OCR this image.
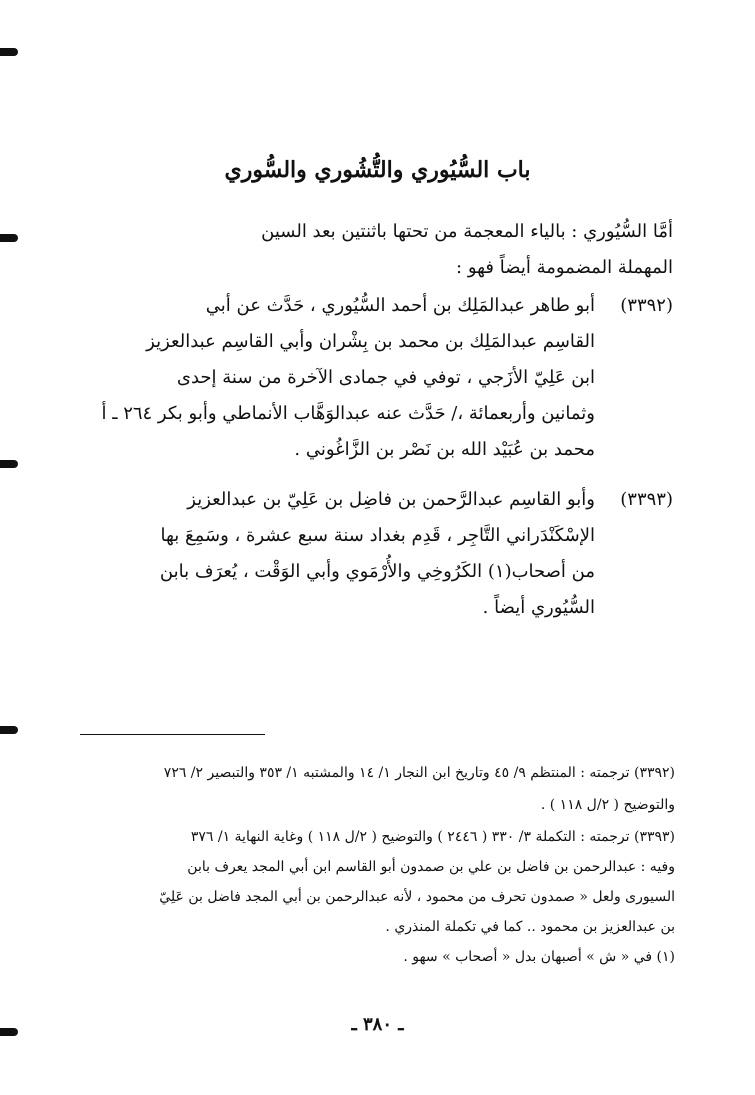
باب السُّيُوري والتُّشُوري والسُّوري
أمَّا السُّيُوري : بالياء المعجمة من تحتها باثنتين بعد السين
المهملة المضمومة أيضاً فهو :
(٣٣٩٢)
أبو طاهر عبدالمَلِك بن أحمد السُّيُوري ، حَدَّث عن أبي
القاسِم عبدالمَلِك بن محمد بن بِشْران وأبي القاسِم عبدالعزيز
ابن عَلِيّ الأزَجي ، توفي في جمادى الآخرة من سنة إحدى
وثمانين وأربعمائة ،/ حَدَّث عنه عبدالوَهَّاب الأنماطي وأبو بكر ٢٦٤ ـ أ
محمد بن عُبَيْد الله بن نَصْر بن الزَّاغُوني .
(٣٣٩٣)
وأبو القاسِم عبدالرَّحمن بن فاضِل بن عَلِيّ بن عبدالعزيز
الإسْكَنْدَراني التَّاجِر ، قَدِم بغداد سنة سبع عشرة ، وسَمِعَ بها
من أصحاب(١) الكَرُوخِي والأُرْمَوي وأبي الوَقْت ، يُعرَف بابن
السُّيُوري أيضاً .
(٣٣٩٢) ترجمته : المنتظم ٩/ ٤٥ وتاريخ ابن النجار ١/ ١٤ والمشتبه ١/ ٣٥٣ والتبصير ٢/ ٧٢٦
والتوضيح ( ٢/ل ١١٨ ) .
(٣٣٩٣) ترجمته : التكملة ٣/ ٣٣٠ ( ٢٤٤٦ ) والتوضيح ( ٢/ل ١١٨ ) وغاية النهاية ١/ ٣٧٦
وفيه : عبدالرحمن بن فاضل بن علي بن صمدون أبو القاسم ابن أبي المجد يعرف بابن
السيورى ولعل « صمدون تحرف من محمود ، لأنه عبدالرحمن بن أبي المجد فاضل بن عَلِيّ
بن عبدالعزيز بن محمود .. كما في تكملة المنذري .
(١) في « ش » أصبهان بدل « أصحاب » سهو .
ـ ٣٨٠ ـ
